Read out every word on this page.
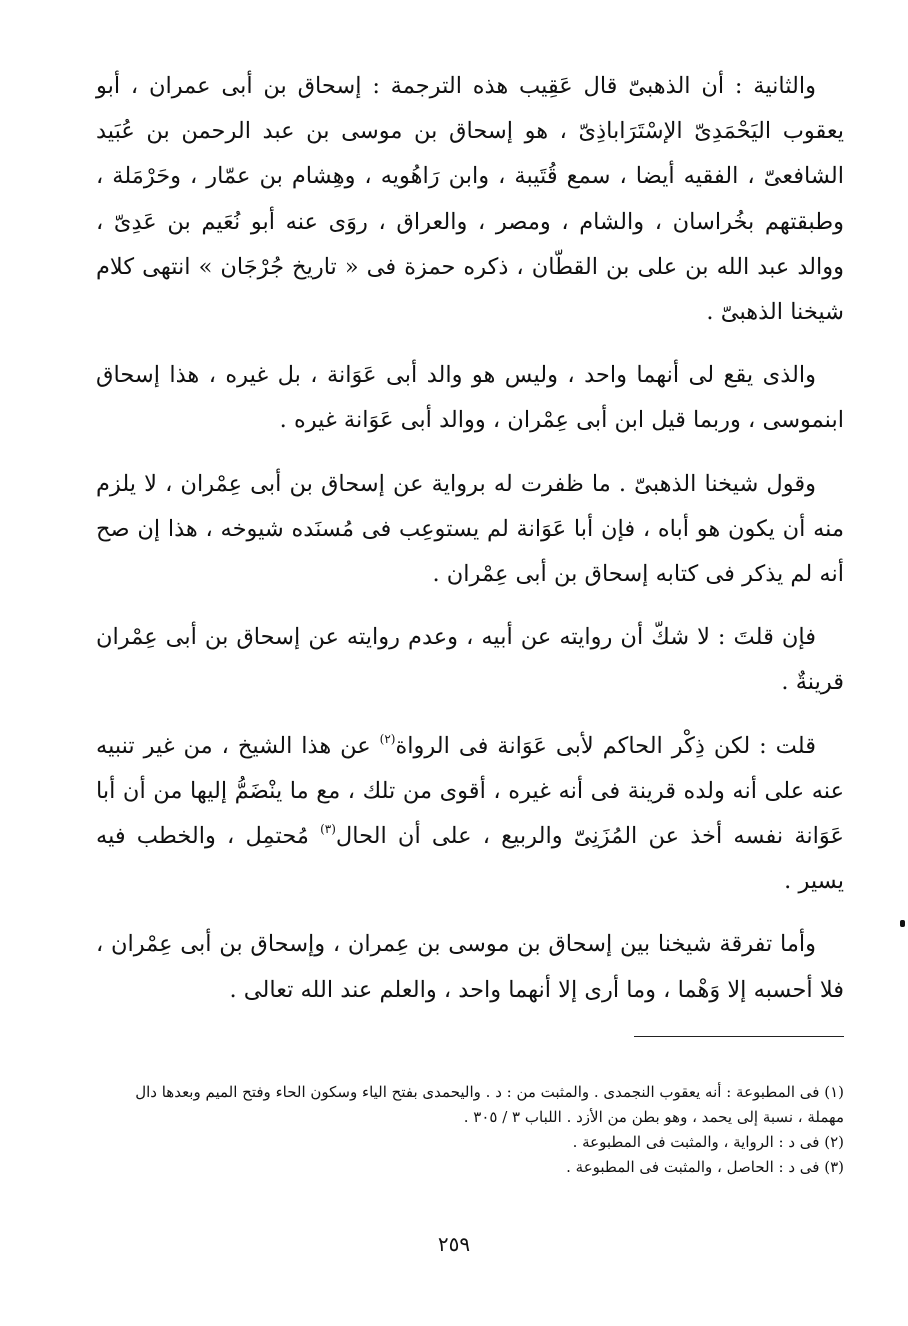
والثانية : أن الذهبىّ قال عَقِيب هذه الترجمة : إسحاق بن أبى عمران ، أبو يعقوب اليَحْمَدِىّ الإسْتَرَاباذِىّ ، هو إسحاق بن موسى بن عبد الرحمن بن عُبَيد الشافعىّ ، الفقيه أيضا ، سمع قُتَيبة ، وابن رَاهُويه ، وهِشام بن عمّار ، وحَرْمَلة ، وطبقتهم بخُراسان ، والشام ، ومصر ، والعراق ، روَى عنه أبو نُعَيم بن عَدِىّ ، ووالد عبد الله بن على بن القطّان ، ذكره حمزة فى « تاريخ جُرْجَان » انتهى كلام شيخنا الذهبىّ .

والذى يقع لى أنهما واحد ، وليس هو والد أبى عَوَانة ، بل غيره ، هذا إسحاق ابنموسى ، وربما قيل ابن أبى عِمْران ، ووالد أبى عَوَانة غيره .

وقول شيخنا الذهبىّ . ما ظفرت له برواية عن إسحاق بن أبى عِمْران ، لا يلزم منه أن يكون هو أباه ، فإن أبا عَوَانة لم يستوعِب فى مُسنَده شيوخه ، هذا إن صح أنه لم يذكر فى كتابه إسحاق بن أبى عِمْران .

فإن قلتَ : لا شكّ أن روايته عن أبيه ، وعدم روايته عن إسحاق بن أبى عِمْران قرينةٌ .

قلت : لكن ذِكْر الحاكم لأبى عَوَانة فى الرواة$^{(٢)}$ عن هذا الشيخ ، من غير تنبيه عنه على أنه ولده قرينة فى أنه غيره ، أقوى من تلك ، مع ما ينْضَمُّ إليها من أن أبا عَوَانة نفسه أخذ عن المُزَنِىّ والربيع ، على أن الحال$^{(٣)}$ مُحتمِل ، والخطب فيه يسير .

وأما تفرقة شيخنا بين إسحاق بن موسى بن عِمران ، وإسحاق بن أبى عِمْران ، فلا أحسبه إلا وَهْما ، وما أرى إلا أنهما واحد ، والعلم عند الله تعالى .

(١) فى المطبوعة : أنه يعقوب النجمدى . والمثبت من : د . واليحمدى بفتح الياء وسكون الحاء وفتح الميم وبعدها دال مهملة ، نسبة إلى يحمد ، وهو بطن من الأزد . اللباب ٣ / ٣٠٥ .

(٢) فى د : الرواية ، والمثبت فى المطبوعة .

(٣) فى د : الحاصل ، والمثبت فى المطبوعة .

٢٥٩
